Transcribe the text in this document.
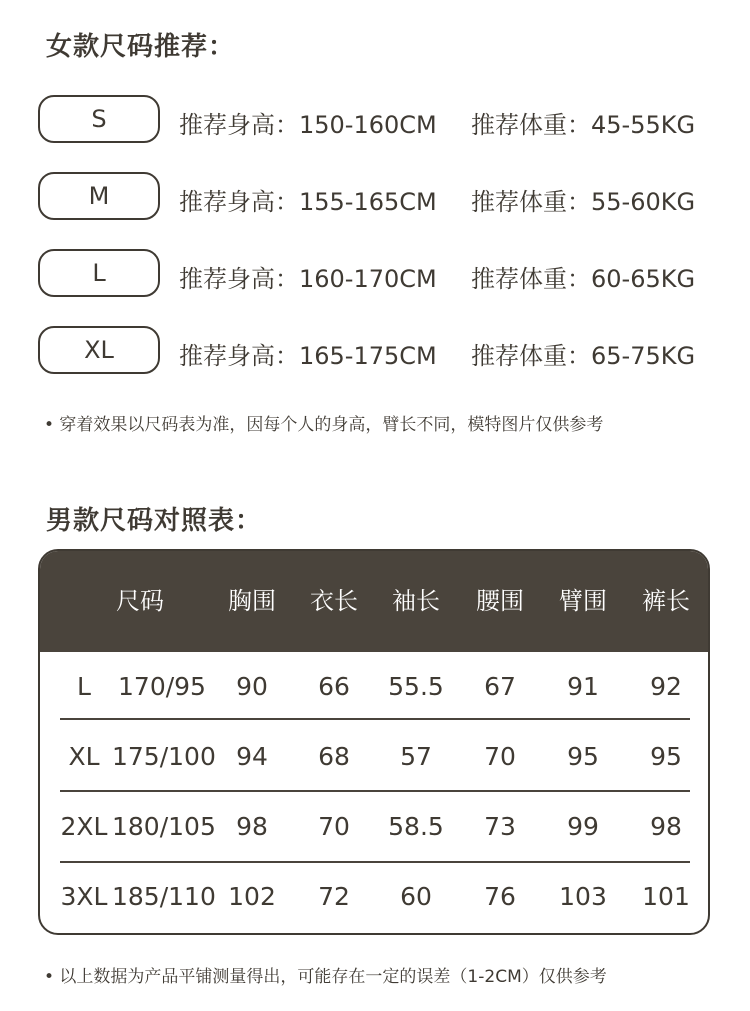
女款尺码推荐：
S	推荐身高：150-160CM 推荐体重：45-55KG
M	推荐身高：155-165CM 推荐体重：55-60KG
L	推荐身高：160-170CM 推荐体重：60-65KG
XL	推荐身高：165-175CM 推荐体重：65-75KG
• 穿着效果以尺码表为准，因每个人的身高，臂长不同，模特图片仅供参考
男款尺码对照表：
尺码	胸围	衣长	袖长	腰围	臂围	裤长
L	170/95	90	66	55.5	67	91	92
XL 175/100 94	68	57	70	95	95
2XL 180/105 98	70	58.5	73	99	98
3XL 185/110 102	72	60	76	103	101
• 以上数据为产品平铺测量得出，可能存在一定的误差（1-2CM）仅供参考
